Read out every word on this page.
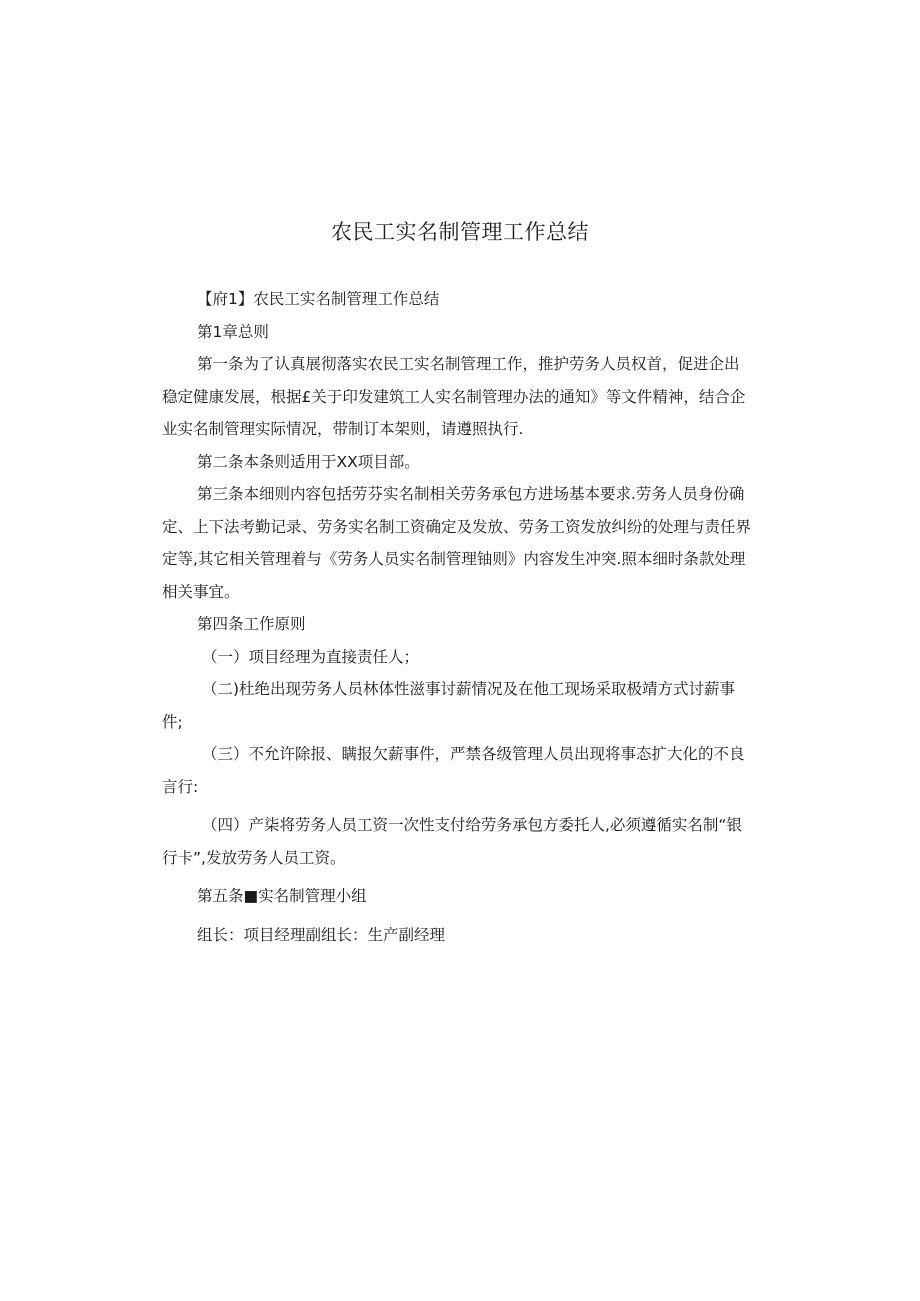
农民工实名制管理工作总结

【府1】农民工实名制管理工作总结

第1章总则

第一条为了认真展彻落实农民工实名制管理工作，推护劳务人员权首，促进企出稳定健康发展，根据£关于印发建筑工人实名制管理办法的通知》等文件精神，结合企业实名制管理实际情况，带制订本架则，请遵照执行.

第二条本条则适用于XX项目部。

第三条本细则内容包括劳芬实名制相关劳务承包方进场基本要求.劳务人员身份确定、上下法考勤记录、劳务实名制工资确定及发放、劳务工资发放纠纷的处理与责任界定等,其它相关管理着与《劳务人员实名制管理铀则》内容发生冲突.照本细时条款处理相关事宜。

第四条工作原则

（一）项目经理为直接责任人；

（二)杜绝出现劳务人员林体性滋事讨薪情况及在他工现场采取极靖方式讨薪事件;

（三）不允许除报、瞒报欠薪事件，严禁各级管理人员出现将事态扩大化的不良言行:

（四）产柒将劳务人员工资一次性支付给劳务承包方委托人,必须遵循实名制“银行卡”,发放劳务人员工资。

第五条■实名制管理小组

组长：项目经理副组长：生产副经理
